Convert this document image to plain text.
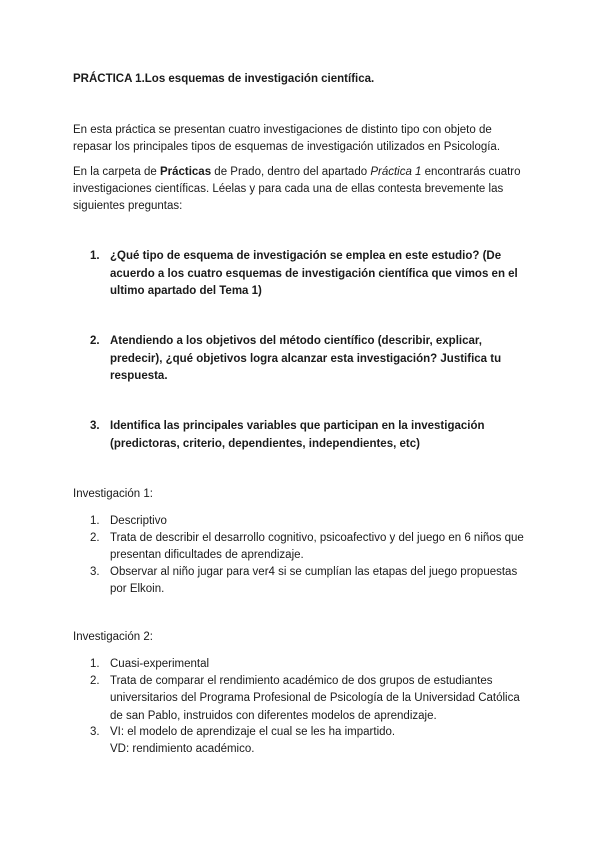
PRÁCTICA 1.Los esquemas de investigación científica.

En esta práctica se presentan cuatro investigaciones de distinto tipo con objeto de repasar los principales tipos de esquemas de investigación utilizados en Psicología.

En la carpeta de Prácticas de Prado, dentro del apartado Práctica 1 encontrarás cuatro investigaciones científicas. Léelas y para cada una de ellas contesta brevemente las siguientes preguntas:

1. ¿Qué tipo de esquema de investigación se emplea en este estudio? (De acuerdo a los cuatro esquemas de investigación científica que vimos en el ultimo apartado del Tema 1)
2. Atendiendo a los objetivos del método científico (describir, explicar, predecir), ¿qué objetivos logra alcanzar esta investigación? Justifica tu respuesta.
3. Identifica las principales variables que participan en la investigación (predictoras, criterio, dependientes, independientes, etc)

Investigación 1:

1. Descriptivo
2. Trata de describir el desarrollo cognitivo, psicoafectivo y del juego en 6 niños que presentan dificultades de aprendizaje.
3. Observar al niño jugar para ver4 si se cumplían las etapas del juego propuestas por Elkoin.

Investigación 2:

1. Cuasi-experimental
2. Trata de comparar el rendimiento académico de dos grupos de estudiantes universitarios del Programa Profesional de Psicología de la Universidad Católica de san Pablo, instruidos con diferentes modelos de aprendizaje.
3. VI: el modelo de aprendizaje el cual se les ha impartido.
VD: rendimiento académico.
